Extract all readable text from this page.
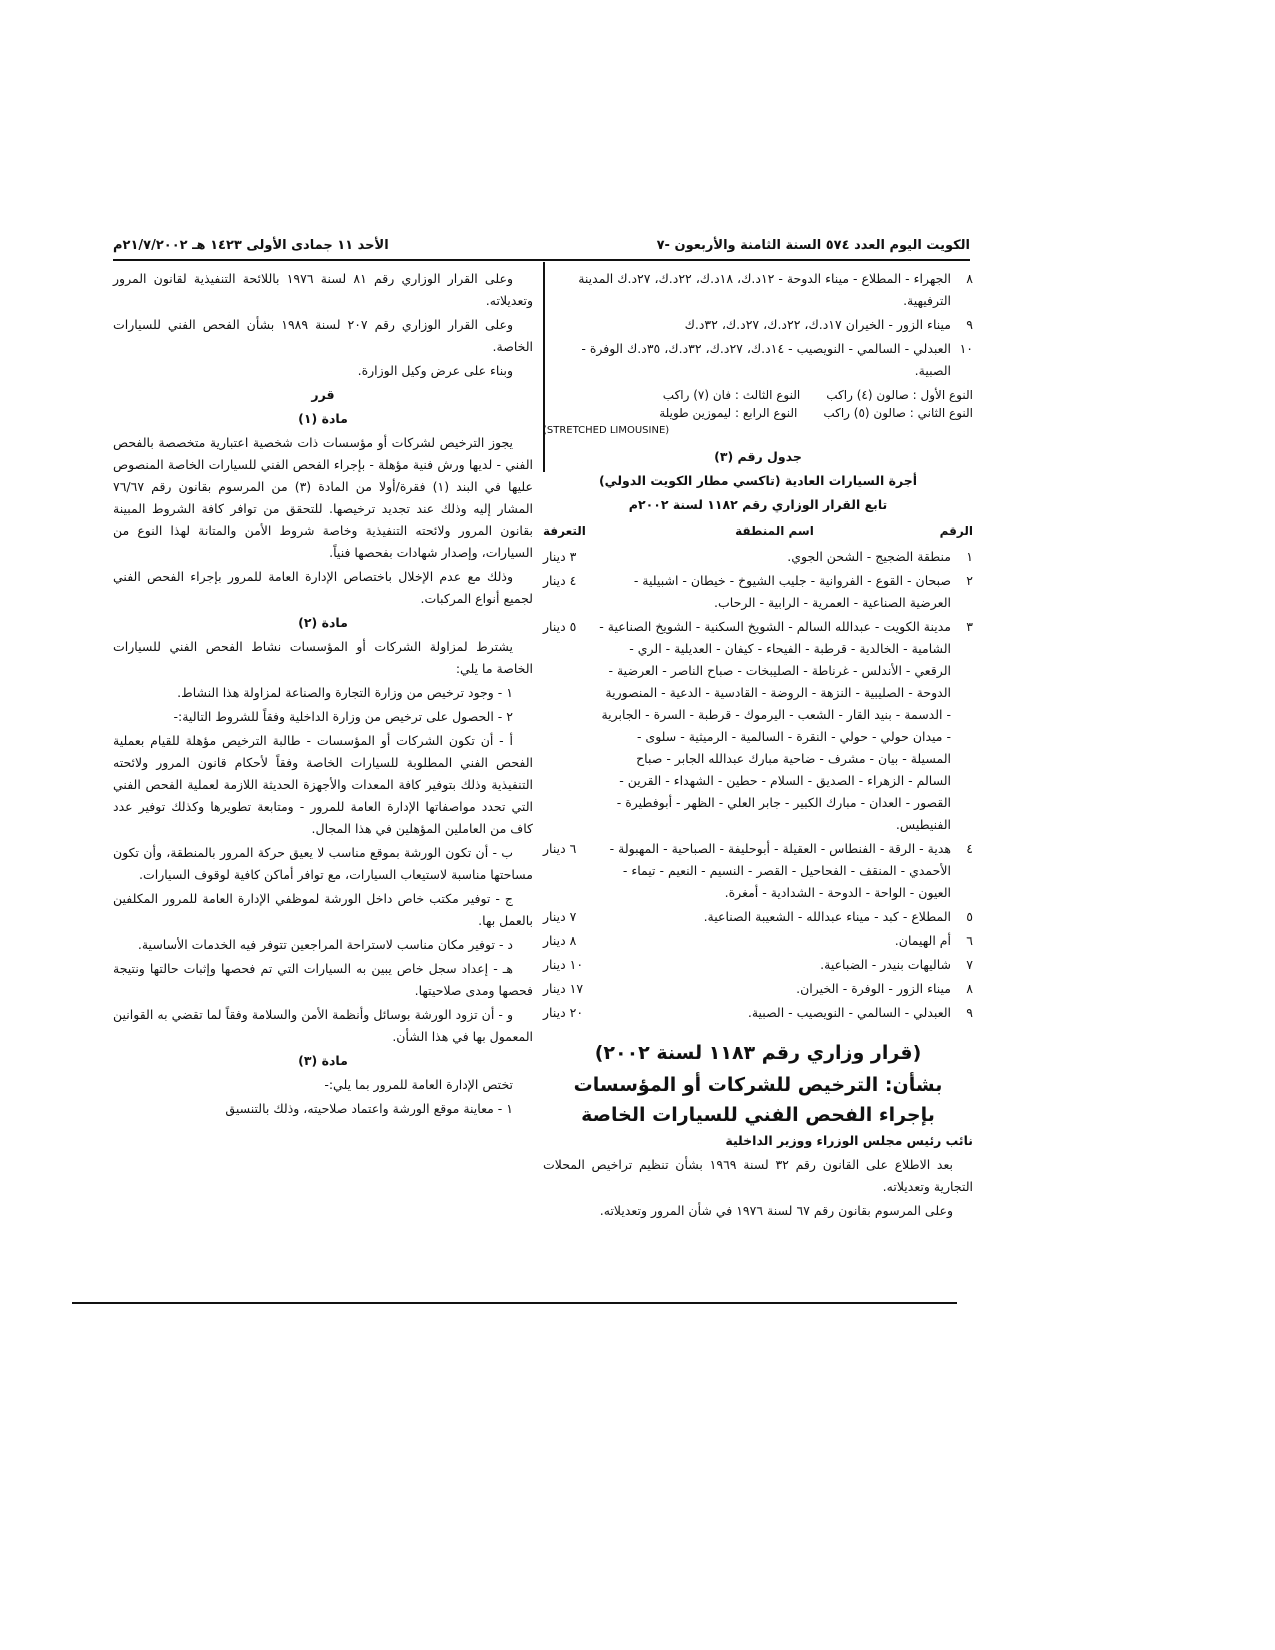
الكويت اليوم العدد ٥٧٤ السنة الثامنة والأربعون -٧
الأحد ١١ جمادى الأولى ١٤٢٣ هـ ٢١/٧/٢٠٠٢م
٨
الجهراء - المطلاع - ميناء الدوحة - ١٢د.ك، ١٨د.ك، ٢٢د.ك، ٢٧د.ك المدينة الترفيهية.
٩
ميناء الزور - الخيران ١٧د.ك، ٢٢د.ك، ٢٧د.ك، ٣٢د.ك
١٠
العبدلي - السالمي - النويصيب - ١٤د.ك، ٢٧د.ك، ٣٢د.ك، ٣٥د.ك الوفرة - الصبية.
النوع الأول : صالون (٤) راكب
النوع الثالث : فان (٧) راكب
النوع الثاني : صالون (٥) راكب
النوع الرابع : ليموزين طويلة
(STRETCHED LIMOUSINE)

جدول رقم (٣)

أجرة السيارات العادية (تاكسي مطار الكويت الدولي)

تابع القرار الوزاري رقم ١١٨٢ لسنة ٢٠٠٢م

الرقم
اسم المنطقة
التعرفة
١
منطقة الضجيج - الشحن الجوي.
٣ دينار
٢
صبحان - القوع - الفروانية - جليب الشيوخ - خيطان - اشبيلية - العرضية الصناعية - العمرية - الرابية - الرحاب.
٤ دينار
٣
مدينة الكويت - عبدالله السالم - الشويخ السكنية - الشويخ الصناعية - الشامية - الخالدية - قرطبة - الفيحاء - كيفان - العديلية - الري - الرقعي - الأندلس - غرناطة - الصليبخات - صباح الناصر - العرضية - الدوحة - الصليبية - النزهة - الروضة - القادسية - الدعية - المنصورية - الدسمة - بنيد القار - الشعب - اليرموك - قرطبة - السرة - الجابرية - ميدان حولي - حولي - النقرة - السالمية - الرميثية - سلوى - المسيلة - بيان - مشرف - ضاحية مبارك عبدالله الجابر - صباح السالم - الزهراء - الصديق - السلام - حطين - الشهداء - القرين - القصور - العدان - مبارك الكبير - جابر العلي - الظهر - أبوفطيرة - الفنيطيس.
٥ دينار
٤
هدية - الرقة - الفنطاس - العقيلة - أبوحليفة - الصباحية - المهبولة - الأحمدي - المنقف - الفحاحيل - القصر - النسيم - النعيم - تيماء - العيون - الواحة - الدوحة - الشدادية - أمغرة.
٦ دينار
٥
المطلاع - كبد - ميناء عبدالله - الشعيبة الصناعية.
٧ دينار
٦
أم الهيمان.
٨ دينار
٧
شاليهات بنيدر - الضباعية.
١٠ دينار
٨
ميناء الزور - الوفرة - الخيران.
١٧ دينار
٩
العبدلي - السالمي - النويصيب - الصبية.
٢٠ دينار
(قرار وزاري رقم ١١٨٣ لسنة ٢٠٠٢)
بشأن: الترخيص للشركات أو المؤسسات بإجراء الفحص الفني للسيارات الخاصة

نائب رئيس مجلس الوزراء ووزير الداخلية

بعد الاطلاع على القانون رقم ٣٢ لسنة ١٩٦٩ بشأن تنظيم تراخيص المحلات التجارية وتعديلاته.

وعلى المرسوم بقانون رقم ٦٧ لسنة ١٩٧٦ في شأن المرور وتعديلاته.

وعلى القرار الوزاري رقم ٨١ لسنة ١٩٧٦ باللائحة التنفيذية لقانون المرور وتعديلاته.

وعلى القرار الوزاري رقم ٢٠٧ لسنة ١٩٨٩ بشأن الفحص الفني للسيارات الخاصة.

وبناء على عرض وكيل الوزارة.

قرر

مادة (١)

يجوز الترخيص لشركات أو مؤسسات ذات شخصية اعتبارية متخصصة بالفحص الفني - لديها ورش فنية مؤهلة - بإجراء الفحص الفني للسيارات الخاصة المنصوص عليها في البند (١) فقرة/أولا من المادة (٣) من المرسوم بقانون رقم ٧٦/٦٧ المشار إليه وذلك عند تجديد ترخيصها. للتحقق من توافر كافة الشروط المبينة بقانون المرور ولائحته التنفيذية وخاصة شروط الأمن والمتانة لهذا النوع من السيارات، وإصدار شهادات بفحصها فنياً.

وذلك مع عدم الإخلال باختصاص الإدارة العامة للمرور بإجراء الفحص الفني لجميع أنواع المركبات.

مادة (٢)

يشترط لمزاولة الشركات أو المؤسسات نشاط الفحص الفني للسيارات الخاصة ما يلي:

١ - وجود ترخيص من وزارة التجارة والصناعة لمزاولة هذا النشاط.

٢ - الحصول على ترخيص من وزارة الداخلية وفقاً للشروط التالية:-

أ - أن تكون الشركات أو المؤسسات - طالبة الترخيص مؤهلة للقيام بعملية الفحص الفني المطلوبة للسيارات الخاصة وفقاً لأحكام قانون المرور ولائحته التنفيذية وذلك بتوفير كافة المعدات والأجهزة الحديثة اللازمة لعملية الفحص الفني التي تحدد مواصفاتها الإدارة العامة للمرور - ومتابعة تطويرها وكذلك توفير عدد كاف من العاملين المؤهلين في هذا المجال.

ب - أن تكون الورشة بموقع مناسب لا يعيق حركة المرور بالمنطقة، وأن تكون مساحتها مناسبة لاستيعاب السيارات، مع توافر أماكن كافية لوقوف السيارات.

ج - توفير مكتب خاص داخل الورشة لموظفي الإدارة العامة للمرور المكلفين بالعمل بها.

د - توفير مكان مناسب لاستراحة المراجعين تتوفر فيه الخدمات الأساسية.

هـ - إعداد سجل خاص يبين به السيارات التي تم فحصها وإثبات حالتها ونتيجة فحصها ومدى صلاحيتها.

و - أن تزود الورشة بوسائل وأنظمة الأمن والسلامة وفقاً لما تقضي به القوانين المعمول بها في هذا الشأن.

مادة (٣)

تختص الإدارة العامة للمرور بما يلي:-

١ - معاينة موقع الورشة واعتماد صلاحيته، وذلك بالتنسيق
